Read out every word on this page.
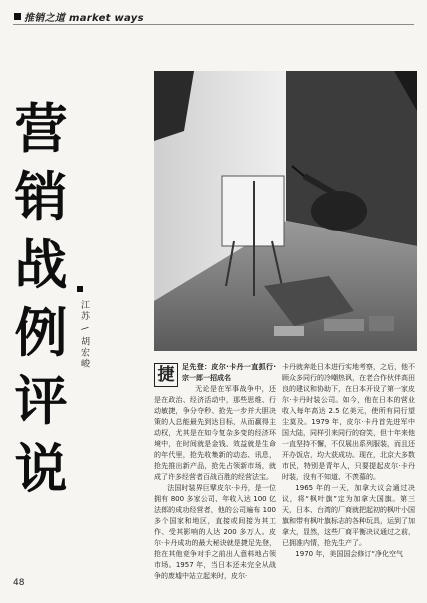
推销之道 market ways
营
销
战
例
评
说
江苏 \ 胡宏峻
捷	足先登：皮尔·卡丹一直抓行·宗一郎一招成名

无论是在军事战争中，还是在政治、经济活动中，那些思维、行动敏捷，争分夺秒、抢先一步并大胆决策的人总能最先到达目标，从而赢得主动权，尤其是在如今复杂多变的经济环境中，在时间就是金钱、效益就是生命的年代里，抢先收集新的动态、讯息，抢先推出新产品，抢先占领新市场，就成了许多经营者百战百胜的经营法宝。

法国时装界巨擘皮尔·卡丹，是一位拥有 800 多家公司、年收入达 100 亿法郎的成功经营者，他的公司遍布 100 多个国家和地区，直接或间接为其工作、受其影响的人达 200 多万人。皮尔·卡丹成功的最大秘诀就是捷足先登，抢在其他竞争对手之前出人意料地占领市场。1957 年，当日本还未完全从战争的废墟中站立起来时，皮尔·

卡丹就奔赴日本进行实地考察，之后，他不顾众多同行的冷嘲热讽，在老合作伙伴高田良的建议和协助下，在日本开设了第一家皮尔·卡丹时装公司。如今，他在日本的营业收入每年高达 2.5 亿美元，使所有同行望尘莫及。1979 年，皮尔·卡丹首先进军中国大陆，同样引来同行的窃笑，但十年来他一直坚持不懈，不仅展出系列服装，而且还开办饭店，均大获成功。现在，北京大多数市民，特别是青年人，只要提起皮尔·卡丹时装，没有不知道、不羡慕的。

1965 年的一天，加拿大议会通过决议，将“枫叶旗”定为加拿大国旗。第三天，日本、台湾的厂商就把起初的枫叶小国旗和带有枫叶旗标志的各种玩具，运到了加拿大，显然，这些厂商平衡决议通过之前，已拥准内情，抢先生产了。

1970 年，美国国会修订“净化空气

48
